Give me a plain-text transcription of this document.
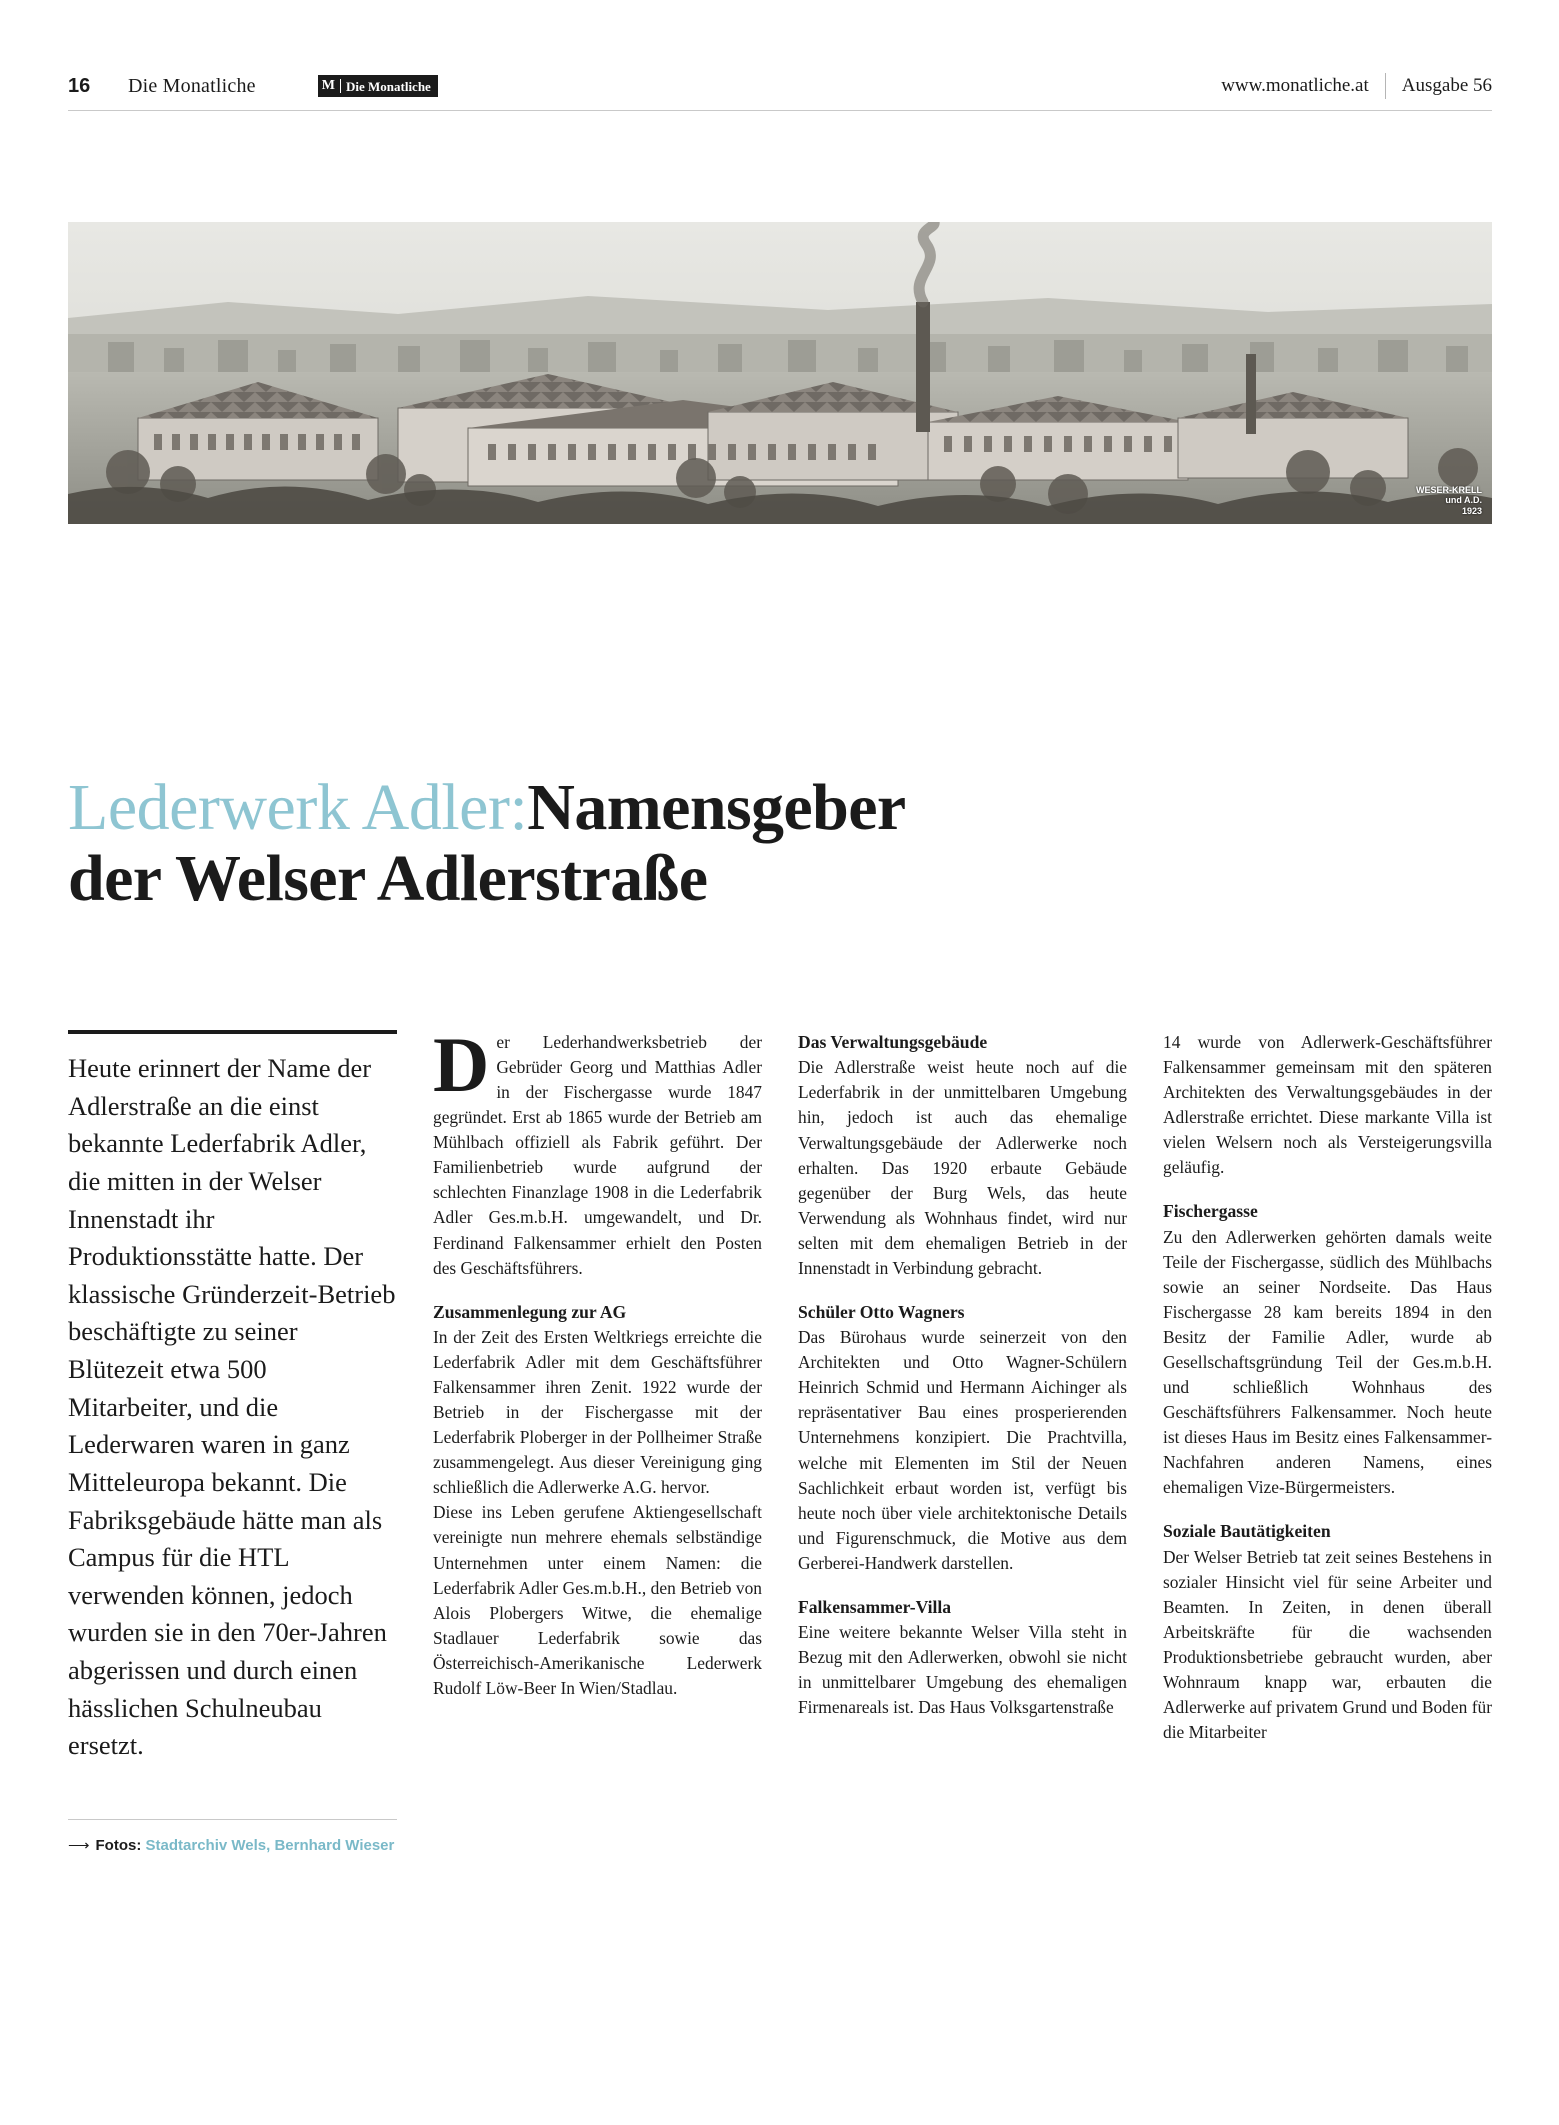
16	Die Monatliche	M Die Monatliche	www.monatliche.at Ausgabe 56
WESER-KRELL
und A.D.
1923
Lederwerk Adler:Namensgeber
der Welser Adlerstraße
Heute erinnert der Name der Adlerstraße an die einst bekannte Lederfabrik Adler, die mitten in der Welser Innenstadt ihr Produktionsstätte hatte. Der klassische Gründerzeit-Betrieb beschäftigte zu seiner Blütezeit etwa 500 Mitarbeiter, und die Lederwaren waren in ganz Mitteleuropa bekannt. Die Fabriksgebäude hätte man als Campus für die HTL verwenden können, jedoch wurden sie in den 70er-Jahren abgerissen und durch einen hässlichen Schulneubau ersetzt.
⟶ Fotos: Stadtarchiv Wels, Bernhard Wieser

Der Lederhandwerksbetrieb der Gebrüder Georg und Matthias Adler in der Fischergasse wurde 1847 gegründet. Erst ab 1865 wurde der Betrieb am Mühlbach offiziell als Fabrik geführt. Der Familienbetrieb wurde aufgrund der schlechten Finanzlage 1908 in die Lederfabrik Adler Ges.m.b.H. umgewandelt, und Dr. Ferdinand Falkensammer erhielt den Posten des Geschäftsführers.

Zusammenlegung zur AG

In der Zeit des Ersten Weltkriegs erreichte die Lederfabrik Adler mit dem Geschäftsführer Falkensammer ihren Zenit. 1922 wurde der Betrieb in der Fischergasse mit der Lederfabrik Ploberger in der Pollheimer Straße zusammengelegt. Aus dieser Vereinigung ging schließlich die Adlerwerke A.G. hervor.

Diese ins Leben gerufene Aktiengesellschaft vereinigte nun mehrere ehemals selbständige Unternehmen unter einem Namen: die Lederfabrik Adler Ges.m.b.H., den Betrieb von Alois Plobergers Witwe, die ehemalige Stadlauer Lederfabrik sowie das Österreichisch-Amerikanische Lederwerk Rudolf Löw-Beer In Wien/Stadlau.

Das Verwaltungsgebäude

Die Adlerstraße weist heute noch auf die Lederfabrik in der unmittelbaren Umgebung hin, jedoch ist auch das ehemalige Verwaltungsgebäude der Adlerwerke noch erhalten. Das 1920 erbaute Gebäude gegenüber der Burg Wels, das heute Verwendung als Wohnhaus findet, wird nur selten mit dem ehemaligen Betrieb in der Innenstadt in Verbindung gebracht.

Schüler Otto Wagners

Das Bürohaus wurde seinerzeit von den Architekten und Otto Wagner-Schülern Heinrich Schmid und Hermann Aichinger als repräsentativer Bau eines prosperierenden Unternehmens konzipiert. Die Prachtvilla, welche mit Elementen im Stil der Neuen Sachlichkeit erbaut worden ist, verfügt bis heute noch über viele architektonische Details und Figurenschmuck, die Motive aus dem Gerberei-Handwerk darstellen.

Falkensammer-Villa

Eine weitere bekannte Welser Villa steht in Bezug mit den Adlerwerken, obwohl sie nicht in unmittelbarer Umgebung des ehemaligen Firmenareals ist. Das Haus Volksgartenstraße

14 wurde von Adlerwerk-Geschäftsführer Falkensammer gemeinsam mit den späteren Architekten des Verwaltungsgebäudes in der Adlerstraße errichtet. Diese markante Villa ist vielen Welsern noch als Versteigerungsvilla geläufig.

Fischergasse

Zu den Adlerwerken gehörten damals weite Teile der Fischergasse, südlich des Mühlbachs sowie an seiner Nordseite. Das Haus Fischergasse 28 kam bereits 1894 in den Besitz der Familie Adler, wurde ab Gesellschaftsgründung Teil der Ges.m.b.H. und schließlich Wohnhaus des Geschäftsführers Falkensammer. Noch heute ist dieses Haus im Besitz eines Falkensammer-Nachfahren anderen Namens, eines ehemaligen Vize-Bürgermeisters.

Soziale Bautätigkeiten

Der Welser Betrieb tat zeit seines Bestehens in sozialer Hinsicht viel für seine Arbeiter und Beamten. In Zeiten, in denen überall Arbeitskräfte für die wachsenden Produktionsbetriebe gebraucht wurden, aber Wohnraum knapp war, erbauten die Adlerwerke auf privatem Grund und Boden für die Mitarbeiter
